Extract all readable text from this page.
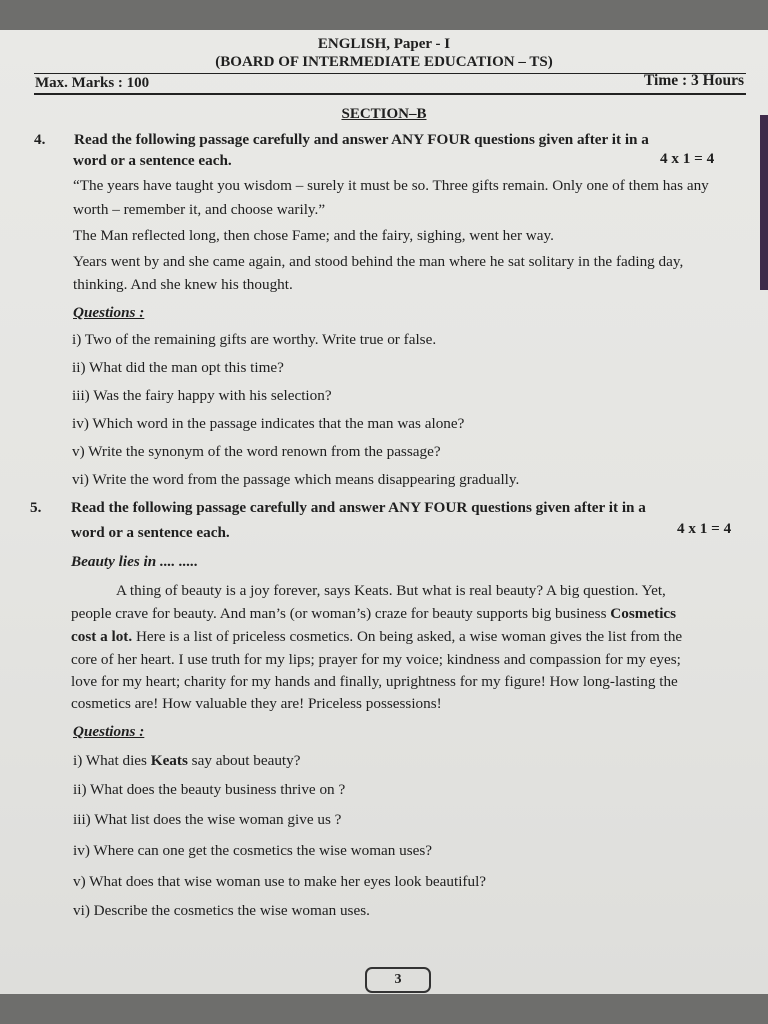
ENGLISH, Paper - I
(BOARD OF INTERMEDIATE EDUCATION – TS)
Max. Marks : 100	Time : 3 Hours
SECTION–B
4. Read the following passage carefully and answer ANY FOUR questions given after it in a
word or a sentence each.	4 x 1 = 4
“The years have taught you wisdom – surely it must be so. Three gifts remain. Only one of them has any
worth – remember it, and choose warily.”
The Man reflected long, then chose Fame; and the fairy, sighing, went her way.
Years went by and she came again, and stood behind the man where he sat solitary in the fading day,
thinking. And she knew his thought.
Questions :
i) Two of the remaining gifts are worthy. Write true or false.
ii) What did the man opt this time?
iii) Was the fairy happy with his selection?
iv) Which word in the passage indicates that the man was alone?
v) Write the synonym of the word renown from the passage?
vi) Write the word from the passage which means disappearing gradually.
5. Read the following passage carefully and answer ANY FOUR questions given after it in a
word or a sentence each.	4 x 1 = 4
Beauty lies in .... .....
A thing of beauty is a joy forever, says Keats. But what is real beauty? A big question. Yet,
people crave for beauty. And man’s (or woman’s) craze for beauty supports big business Cosmetics
cost a lot. Here is a list of priceless cosmetics. On being asked, a wise woman gives the list from the
core of her heart. I use truth for my lips; prayer for my voice; kindness and compassion for my eyes;
love for my heart; charity for my hands and finally, uprightness for my figure! How long-lasting the
cosmetics are! How valuable they are! Priceless possessions!
Questions :
i) What dies Keats say about beauty?
ii) What does the beauty business thrive on ?
iii) What list does the wise woman give us ?
iv) Where can one get the cosmetics the wise woman uses?
v) What does that wise woman use to make her eyes look beautiful?
vi) Describe the cosmetics the wise woman uses.
3
